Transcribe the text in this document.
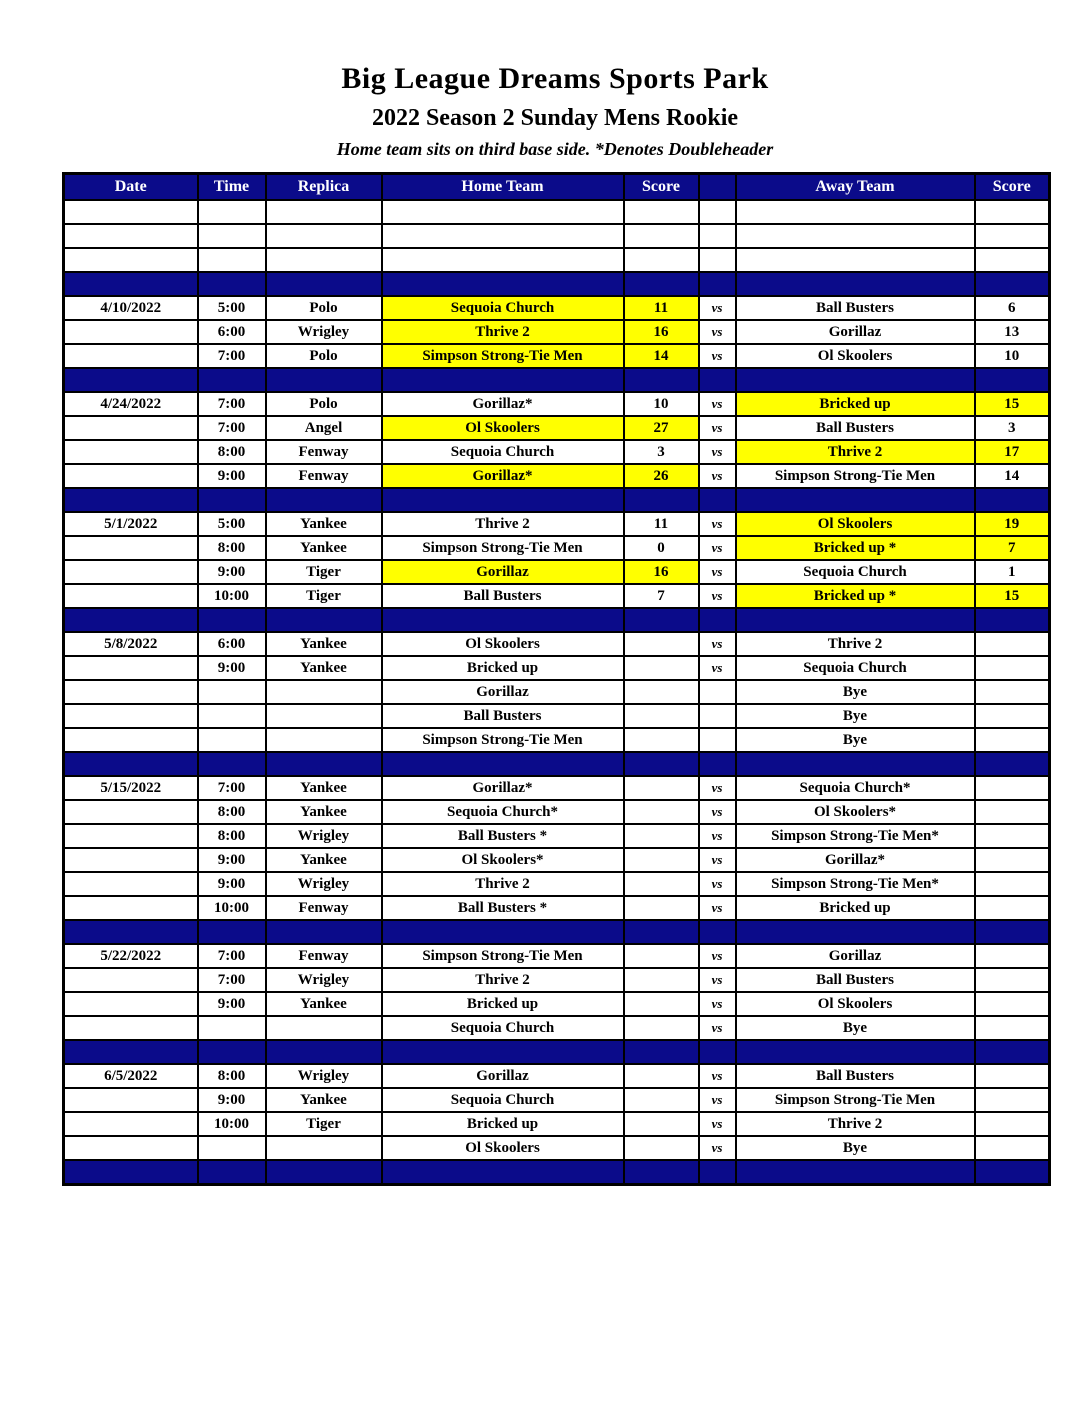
Big League Dreams Sports Park
2022 Season 2 Sunday Mens Rookie
Home team sits on third base side. *Denotes Doubleheader
Date	Time	Replica	Home Team	Score		Away Team	Score

4/10/2022	5:00	Polo	Sequoia Church	11	vs	Ball Busters	6
	6:00	Wrigley	Thrive 2	16	vs	Gorillaz	13
	7:00	Polo	Simpson Strong-Tie Men	14	vs	Ol Skoolers	10

4/24/2022	7:00	Polo	Gorillaz*	10	vs	Bricked up	15
	7:00	Angel	Ol Skoolers	27	vs	Ball Busters	3
	8:00	Fenway	Sequoia Church	3	vs	Thrive 2	17
	9:00	Fenway	Gorillaz*	26	vs	Simpson Strong-Tie Men	14

5/1/2022	5:00	Yankee	Thrive 2	11	vs	Ol Skoolers	19
	8:00	Yankee	Simpson Strong-Tie Men	0	vs	Bricked up *	7
	9:00	Tiger	Gorillaz	16	vs	Sequoia Church	1
	10:00	Tiger	Ball Busters	7	vs	Bricked up *	15

5/8/2022	6:00	Yankee	Ol Skoolers		vs	Thrive 2	
	9:00	Yankee	Bricked up		vs	Sequoia Church	
			Gorillaz			Bye	
			Ball Busters			Bye	
			Simpson Strong-Tie Men			Bye	

5/15/2022	7:00	Yankee	Gorillaz*		vs	Sequoia Church*	
	8:00	Yankee	Sequoia Church*		vs	Ol Skoolers*	
	8:00	Wrigley	Ball Busters *		vs	Simpson Strong-Tie Men*	
	9:00	Yankee	Ol Skoolers*		vs	Gorillaz*	
	9:00	Wrigley	Thrive 2		vs	Simpson Strong-Tie Men*	
	10:00	Fenway	Ball Busters *		vs	Bricked up	

5/22/2022	7:00	Fenway	Simpson Strong-Tie Men		vs	Gorillaz	
	7:00	Wrigley	Thrive 2		vs	Ball Busters	
	9:00	Yankee	Bricked up		vs	Ol Skoolers	
			Sequoia Church		vs	Bye	

6/5/2022	8:00	Wrigley	Gorillaz		vs	Ball Busters	
	9:00	Yankee	Sequoia Church		vs	Simpson Strong-Tie Men	
	10:00	Tiger	Bricked up		vs	Thrive 2	
			Ol Skoolers		vs	Bye	
